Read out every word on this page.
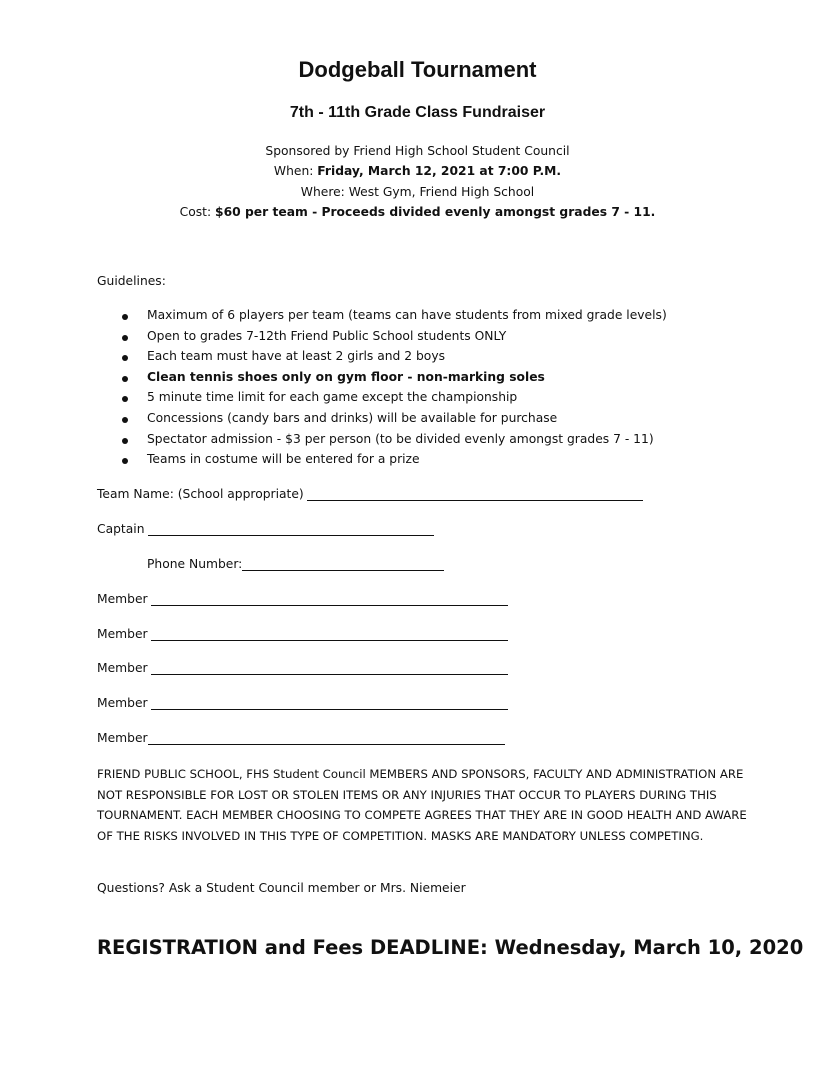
Dodgeball Tournament
7th - 11th Grade Class Fundraiser
Sponsored by Friend High School Student Council
When: Friday, March 12, 2021 at 7:00 P.M.
Where: West Gym, Friend High School
Cost: $60 per team - Proceeds divided evenly amongst grades 7 - 11.
Guidelines:
Maximum of 6 players per team (teams can have students from mixed grade levels)
Open to grades 7-12th Friend Public School students ONLY
Each team must have at least 2 girls and 2 boys
Clean tennis shoes only on gym floor - non-marking soles
5 minute time limit for each game except the championship
Concessions (candy bars and drinks) will be available for purchase
Spectator admission - $3 per person (to be divided evenly amongst grades 7 - 11)
Teams in costume will be entered for a prize
Team Name: (School appropriate)
Captain
Phone Number:
Member
Member
Member
Member
Member
FRIEND PUBLIC SCHOOL, FHS Student Council MEMBERS AND SPONSORS, FACULTY AND ADMINISTRATION ARE NOT RESPONSIBLE FOR LOST OR STOLEN ITEMS OR ANY INJURIES THAT OCCUR TO PLAYERS DURING THIS TOURNAMENT. EACH MEMBER CHOOSING TO COMPETE AGREES THAT THEY ARE IN GOOD HEALTH AND AWARE OF THE RISKS INVOLVED IN THIS TYPE OF COMPETITION. MASKS ARE MANDATORY UNLESS COMPETING.
Questions? Ask a Student Council member or Mrs. Niemeier
REGISTRATION and Fees DEADLINE: Wednesday, March 10, 2020
